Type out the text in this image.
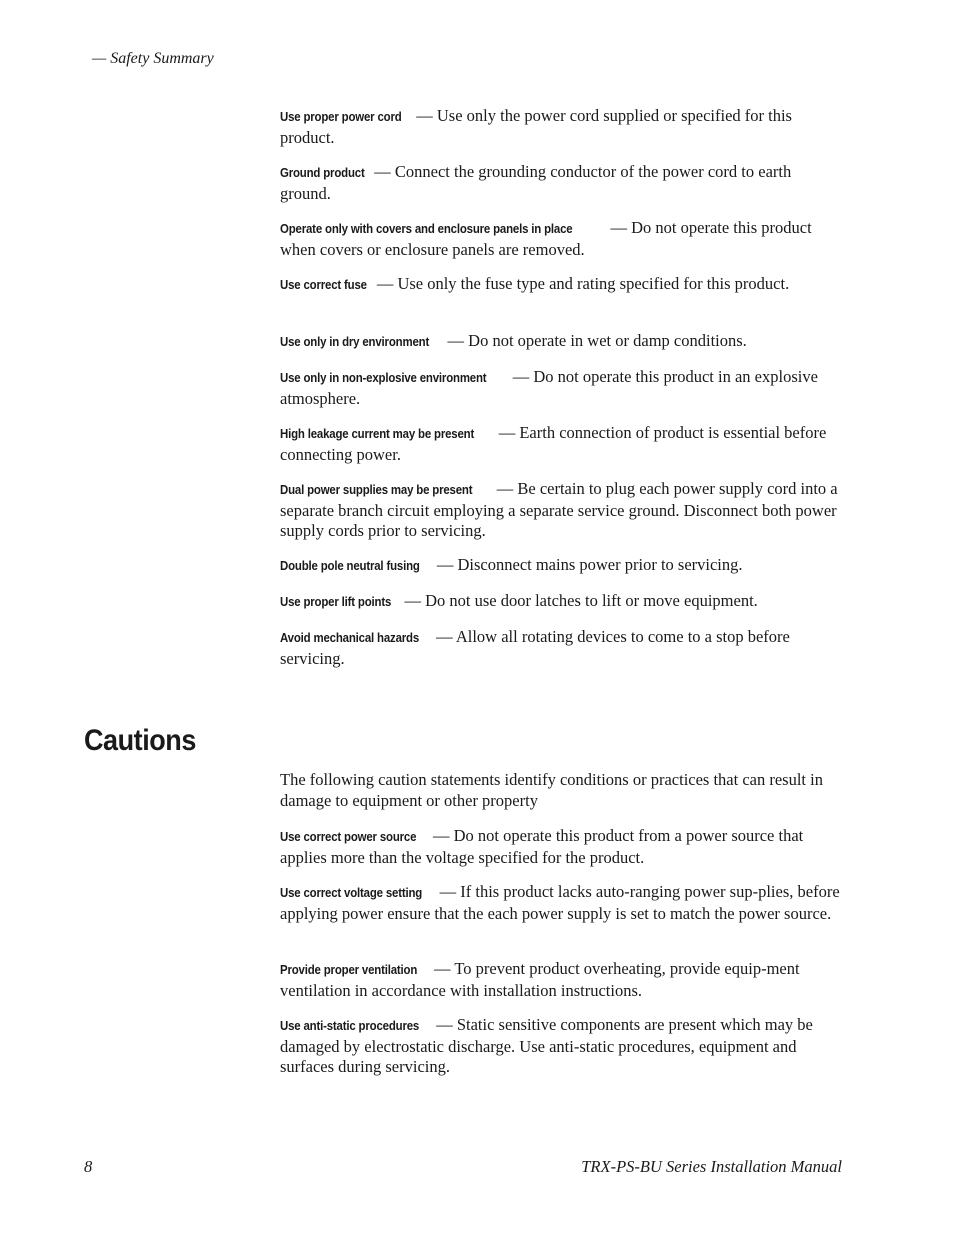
— Safety Summary

Use proper power cord — Use only the power cord supplied or specified for this product.

Ground product — Connect the grounding conductor of the power cord to earth ground.

Operate only with covers and enclosure panels in place — Do not operate this product when covers or enclosure panels are removed.

Use correct fuse — Use only the fuse type and rating specified for this product.

Use only in dry environment — Do not operate in wet or damp conditions.

Use only in non-explosive environment — Do not operate this product in an explosive atmosphere.

High leakage current may be present — Earth connection of product is essential before connecting power.

Dual power supplies may be present — Be certain to plug each power supply cord into a separate branch circuit employing a separate service ground. Disconnect both power supply cords prior to servicing.

Double pole neutral fusing — Disconnect mains power prior to servicing.

Use proper lift points — Do not use door latches to lift or move equipment.

Avoid mechanical hazards — Allow all rotating devices to come to a stop before servicing.

Cautions

The following caution statements identify conditions or practices that can result in damage to equipment or other property

Use correct power source — Do not operate this product from a power source that applies more than the voltage specified for the product.

Use correct voltage setting — If this product lacks auto-ranging power sup-plies, before applying power ensure that the each power supply is set to match the power source.

Provide proper ventilation — To prevent product overheating, provide equip-ment ventilation in accordance with installation instructions.

Use anti-static procedures — Static sensitive components are present which may be damaged by electrostatic discharge. Use anti-static procedures, equipment and surfaces during servicing.

8	TRX-PS-BU Series Installation Manual
